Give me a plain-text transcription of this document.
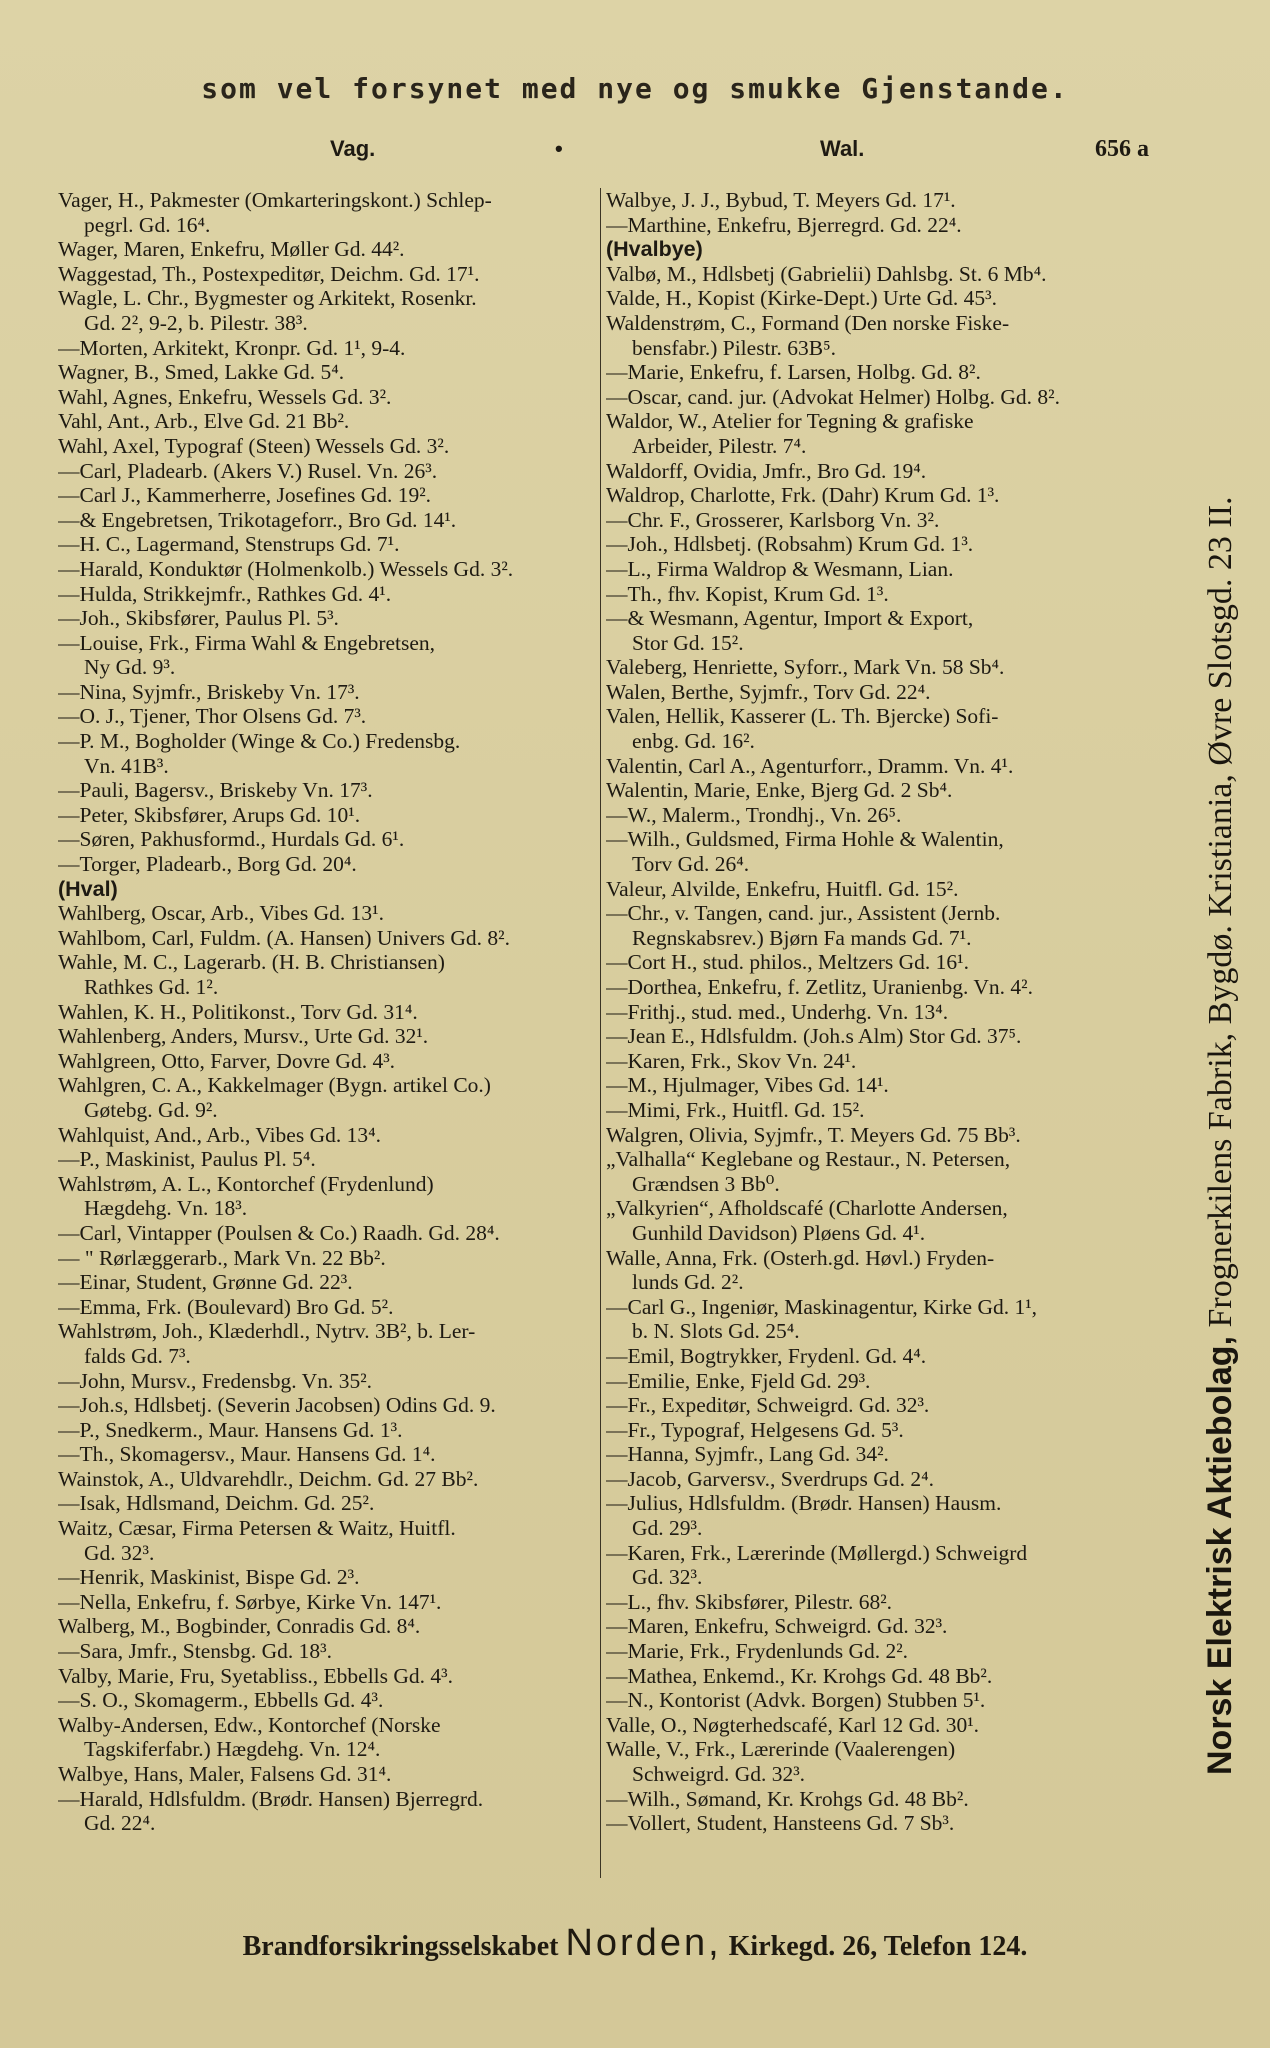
som vel forsynet med nye og smukke Gjenstande.
Vag.	•	Wal.	656 a
Vager, H., Pakmester (Omkarteringskont.) Schlep-
pegrl. Gd. 16⁴.
Wager, Maren, Enkefru, Møller Gd. 44².
Waggestad, Th., Postexpeditør, Deichm. Gd. 17¹.
Wagle, L. Chr., Bygmester og Arkitekt, Rosenkr.
Gd. 2², 9-2, b. Pilestr. 38³.
—Morten, Arkitekt, Kronpr. Gd. 1¹, 9-4.
Wagner, B., Smed, Lakke Gd. 5⁴.
Wahl, Agnes, Enkefru, Wessels Gd. 3².
Vahl, Ant., Arb., Elve Gd. 21 Bb².
Wahl, Axel, Typograf (Steen) Wessels Gd. 3².
—Carl, Pladearb. (Akers V.) Rusel. Vn. 26³.
—Carl J., Kammerherre, Josefines Gd. 19².
—& Engebretsen, Trikotageforr., Bro Gd. 14¹.
—H. C., Lagermand, Stenstrups Gd. 7¹.
—Harald, Konduktør (Holmenkolb.) Wessels Gd. 3².
—Hulda, Strikkejmfr., Rathkes Gd. 4¹.
—Joh., Skibsfører, Paulus Pl. 5³.
—Louise, Frk., Firma Wahl & Engebretsen,
Ny Gd. 9³.
—Nina, Syjmfr., Briskeby Vn. 17³.
—O. J., Tjener, Thor Olsens Gd. 7³.
—P. M., Bogholder (Winge & Co.) Fredensbg.
Vn. 41B³.
—Pauli, Bagersv., Briskeby Vn. 17³.
—Peter, Skibsfører, Arups Gd. 10¹.
—Søren, Pakhusformd., Hurdals Gd. 6¹.
—Torger, Pladearb., Borg Gd. 20⁴.
(Hval)
Wahlberg, Oscar, Arb., Vibes Gd. 13¹.
Wahlbom, Carl, Fuldm. (A. Hansen) Univers Gd. 8².
Wahle, M. C., Lagerarb. (H. B. Christiansen)
Rathkes Gd. 1².
Wahlen, K. H., Politikonst., Torv Gd. 31⁴.
Wahlenberg, Anders, Mursv., Urte Gd. 32¹.
Wahlgreen, Otto, Farver, Dovre Gd. 4³.
Wahlgren, C. A., Kakkelmager (Bygn. artikel Co.)
Gøtebg. Gd. 9².
Wahlquist, And., Arb., Vibes Gd. 13⁴.
—P., Maskinist, Paulus Pl. 5⁴.
Wahlstrøm, A. L., Kontorchef (Frydenlund)
Hægdehg. Vn. 18³.
—Carl, Vintapper (Poulsen & Co.) Raadh. Gd. 28⁴.
— " Rørlæggerarb., Mark Vn. 22 Bb².
—Einar, Student, Grønne Gd. 22³.
—Emma, Frk. (Boulevard) Bro Gd. 5².
Wahlstrøm, Joh., Klæderhdl., Nytrv. 3B², b. Ler-
falds Gd. 7³.
—John, Mursv., Fredensbg. Vn. 35².
—Joh.s, Hdlsbetj. (Severin Jacobsen) Odins Gd. 9.
—P., Snedkerm., Maur. Hansens Gd. 1³.
—Th., Skomagersv., Maur. Hansens Gd. 1⁴.
Wainstok, A., Uldvarehdlr., Deichm. Gd. 27 Bb².
—Isak, Hdlsmand, Deichm. Gd. 25².
Waitz, Cæsar, Firma Petersen & Waitz, Huitfl.
Gd. 32³.
—Henrik, Maskinist, Bispe Gd. 2³.
—Nella, Enkefru, f. Sørbye, Kirke Vn. 147¹.
Walberg, M., Bogbinder, Conradis Gd. 8⁴.
—Sara, Jmfr., Stensbg. Gd. 18³.
Valby, Marie, Fru, Syetabliss., Ebbells Gd. 4³.
—S. O., Skomagerm., Ebbells Gd. 4³.
Walby-Andersen, Edw., Kontorchef (Norske
Tagskiferfabr.) Hægdehg. Vn. 12⁴.
Walbye, Hans, Maler, Falsens Gd. 31⁴.
—Harald, Hdlsfuldm. (Brødr. Hansen) Bjerregrd.
Gd. 22⁴.
Walbye, J. J., Bybud, T. Meyers Gd. 17¹.
—Marthine, Enkefru, Bjerregrd. Gd. 22⁴.
(Hvalbye)
Valbø, M., Hdlsbetj (Gabrielii) Dahlsbg. St. 6 Mb⁴.
Valde, H., Kopist (Kirke-Dept.) Urte Gd. 45³.
Waldenstrøm, C., Formand (Den norske Fiske-
bensfabr.) Pilestr. 63B⁵.
—Marie, Enkefru, f. Larsen, Holbg. Gd. 8².
—Oscar, cand. jur. (Advokat Helmer) Holbg. Gd. 8².
Waldor, W., Atelier for Tegning & grafiske
Arbeider, Pilestr. 7⁴.
Waldorff, Ovidia, Jmfr., Bro Gd. 19⁴.
Waldrop, Charlotte, Frk. (Dahr) Krum Gd. 1³.
—Chr. F., Grosserer, Karlsborg Vn. 3².
—Joh., Hdlsbetj. (Robsahm) Krum Gd. 1³.
—L., Firma Waldrop & Wesmann, Lian.
—Th., fhv. Kopist, Krum Gd. 1³.
—& Wesmann, Agentur, Import & Export,
Stor Gd. 15².
Valeberg, Henriette, Syforr., Mark Vn. 58 Sb⁴.
Walen, Berthe, Syjmfr., Torv Gd. 22⁴.
Valen, Hellik, Kasserer (L. Th. Bjercke) Sofi-
enbg. Gd. 16².
Valentin, Carl A., Agenturforr., Dramm. Vn. 4¹.
Walentin, Marie, Enke, Bjerg Gd. 2 Sb⁴.
—W., Malerm., Trondhj., Vn. 26⁵.
—Wilh., Guldsmed, Firma Hohle & Walentin,
Torv Gd. 26⁴.
Valeur, Alvilde, Enkefru, Huitfl. Gd. 15².
—Chr., v. Tangen, cand. jur., Assistent (Jernb.
Regnskabsrev.) Bjørn Fa mands Gd. 7¹.
—Cort H., stud. philos., Meltzers Gd. 16¹.
—Dorthea, Enkefru, f. Zetlitz, Uranienbg. Vn. 4².
—Frithj., stud. med., Underhg. Vn. 13⁴.
—Jean E., Hdlsfuldm. (Joh.s Alm) Stor Gd. 37⁵.
—Karen, Frk., Skov Vn. 24¹.
—M., Hjulmager, Vibes Gd. 14¹.
—Mimi, Frk., Huitfl. Gd. 15².
Walgren, Olivia, Syjmfr., T. Meyers Gd. 75 Bb³.
„Valhalla“ Keglebane og Restaur., N. Petersen,
Grændsen 3 Bb⁰.
„Valkyrien“, Afholdscafé (Charlotte Andersen,
Gunhild Davidson) Pløens Gd. 4¹.
Walle, Anna, Frk. (Osterh.gd. Høvl.) Fryden-
lunds Gd. 2².
—Carl G., Ingeniør, Maskinagentur, Kirke Gd. 1¹,
b. N. Slots Gd. 25⁴.
—Emil, Bogtrykker, Frydenl. Gd. 4⁴.
—Emilie, Enke, Fjeld Gd. 29³.
—Fr., Expeditør, Schweigrd. Gd. 32³.
—Fr., Typograf, Helgesens Gd. 5³.
—Hanna, Syjmfr., Lang Gd. 34².
—Jacob, Garversv., Sverdrups Gd. 2⁴.
—Julius, Hdlsfuldm. (Brødr. Hansen) Hausm.
Gd. 29³.
—Karen, Frk., Lærerinde (Møllergd.) Schweigrd
Gd. 32³.
—L., fhv. Skibsfører, Pilestr. 68².
—Maren, Enkefru, Schweigrd. Gd. 32³.
—Marie, Frk., Frydenlunds Gd. 2².
—Mathea, Enkemd., Kr. Krohgs Gd. 48 Bb².
—N., Kontorist (Advk. Borgen) Stubben 5¹.
Valle, O., Nøgterhedscafé, Karl 12 Gd. 30¹.
Walle, V., Frk., Lærerinde (Vaalerengen)
Schweigrd. Gd. 32³.
—Wilh., Sømand, Kr. Krohgs Gd. 48 Bb².
—Vollert, Student, Hansteens Gd. 7 Sb³.
Norsk Elektrisk Aktiebolag, Frognerkilens Fabrik, Bygdø. Kristiania, Øvre Slotsgd. 23 II.
Brandforsikringsselskabet Norden, Kirkegd. 26, Telefon 124.
